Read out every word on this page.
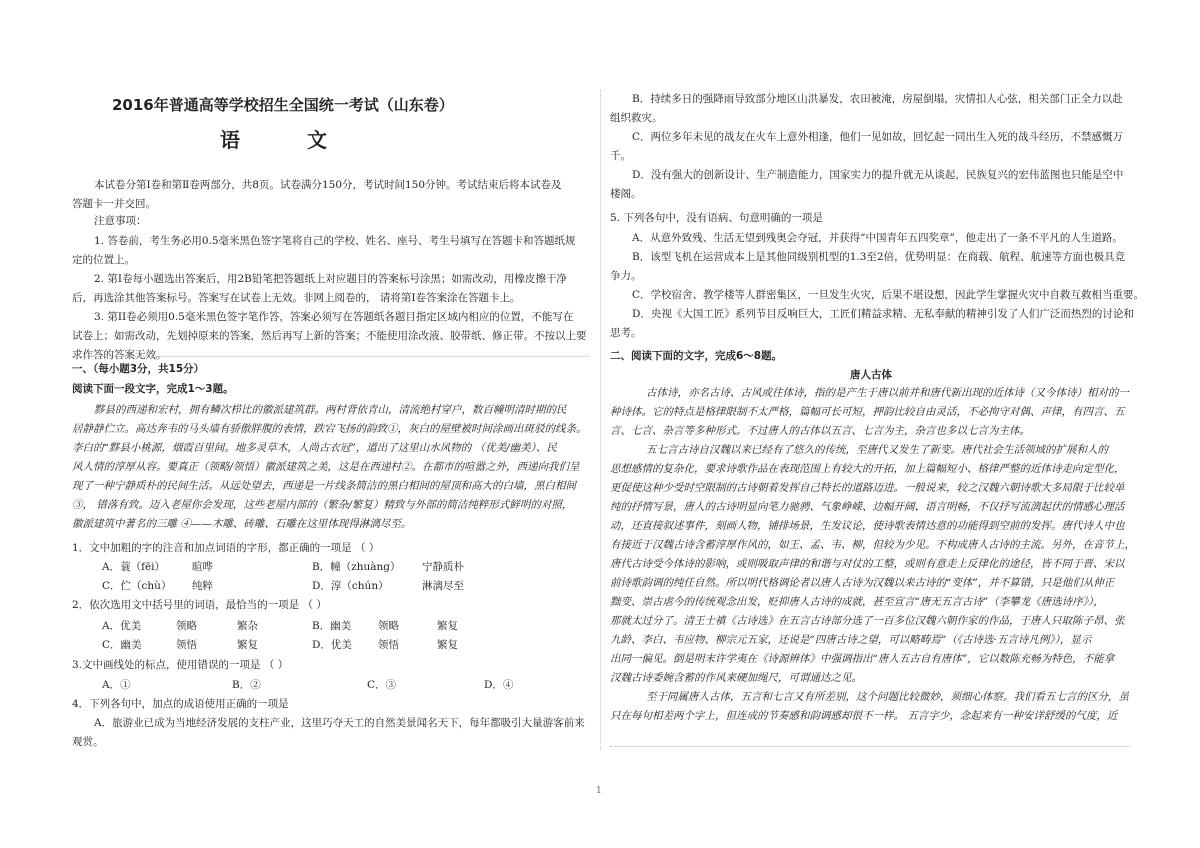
2016年普通高等学校招生全国统一考试（山东卷）
语 文
本试卷分第Ⅰ卷和第Ⅱ卷两部分，共8页。试卷满分150分，考试时间150分钟。考试结束后将本试卷及
答题卡一并交回。
注意事项：
1. 答卷前，考生务必用0.5毫米黑色签字笔将自己的学校、姓名、座号、考生号填写在答题卡和答题纸规
定的位置上。
2. 第Ⅰ卷每小题选出答案后，用2B铅笔把答题纸上对应题目的答案标号涂黑；如需改动，用橡皮擦干净
后，再选涂其他答案标号。答案写在试卷上无效。非网上阅卷的， 请将第Ⅰ卷答案涂在答题卡上。
3. 第II卷必须用0.5毫米黑色签字笔作答，答案必须写在答题纸各题目指定区域内相应的位置，不能写在
试卷上；如需改动，先划掉原来的答案，然后再写上新的答案；不能使用涂改液、胶带纸、修正带。不按以上要
求作答的答案无效。
一、（每小题3分，共15分）
阅读下面一段文字，完成1～3题。
黟县的西递和宏村，拥有鳞次栉比的徽派建筑群。两村背依青山，清流绝村穿户，数百幢明清时期的民
居静静伫立。高达奔韦的马头墙有骄傲胖腹的表情，跌宕飞扬的韵致①，灰白的屋壁被时间涂画出斑驳的线条。
李白的“黟县小桃源，烟霞百里间。地多灵草木，人尚古衣冠”，道出了这里山水风物的 （优美/幽美）、民
风人情的淳厚从容。要真正（领略/领悟）徽派建筑之美，这是在西递村②。在都市的喧嚣之外，西递向我们呈
现了一种宁静质朴的民间生活。从远处望去，西递是一片线条简洁的黑白相间的屋顶和高大的白墙，黑白相间
③， 错落有致。迈入老屋你会发现，这些老屋内部的（繁杂/繁复）精致与外部的简洁纯粹形式鲜明的对照，
徽派建筑中著名的三雕 ④——木雕、砖雕、石雕在这里体现得淋漓尽至。
1．文中加粗的字的注音和加点词语的字形，都正确的一项是 （ ）
A．蓑（fēi）	暄哗	B．幢（zhuàng） 宁静质朴
C．伫（chù） 纯粹	D．淳（chún）	淋漓尽至
2．依次选用文中括号里的词语，最恰当的一项是 （ ）
A．优美	领略	繁杂	B．幽美	领略	繁复
C．幽美	领悟	繁复	D．优美 领悟	繁复
3.文中画线处的标点，使用错误的一项是 （ ）
A．①	B．②	C．③	D．④
4．下列各句中，加点的成语使用正确的一项是
A．旅游业已成为当地经济发展的支柱产业，这里巧夺天工的自然美景闻名天下，每年都吸引大量游客前来
观赏。
B．持续多日的强降雨导致部分地区山洪暴发，农田被淹，房屋倒塌，灾情扣人心弦，相关部门正全力以赴
组织救灾。
C．两位多年未见的战友在火车上意外相逢，他们一见如故，回忆起一同出生入死的战斗经历，不禁感慨万
千。
D．没有强大的创新设计、生产制造能力，国家实力的提升就无从谈起，民族复兴的宏伟蓝图也只能是空中
楼阁。
5. 下列各句中，没有语病、句意明确的一项是
A．从意外致残、生活无望到残奥会夺冠，并获得“中国青年五四奖章”，他走出了一条不平凡的人生道路。
B．该型飞机在运营成本上是其他同级别机型的1.3至2倍，优势明显：在商载、航程、航速等方面也极具竞
争力。
C．学校宿舍、教学楼等人群密集区，一旦发生火灾，后果不堪设想，因此学生掌握火灾中自救互救相当重要。
D．央视《大国工匠》系列节目反响巨大，工匠们精益求精、无私奉献的精神引发了人们广泛而热烈的讨论和
思考。
二、阅读下面的文字，完成6～8题。
唐人古体
古体诗，亦名古诗、古风或往体诗，指的是产生于唐以前并和唐代新出现的近体诗（又今体诗）相对的一
种诗体。它的特点是格律限制不太严格，篇幅可长可短，押韵比较自由灵活，不必拘守对偶、声律，有四言、五
言、七言、杂言等多种形式。不过唐人的古体以五言、七言为主，杂言也多以七言为主体。
五七言古诗自汉魏以来已经有了悠久的传统，至唐代又发生了新变。唐代社会生活领域的扩展和人的
思想感情的复杂化，要求诗歌作品在表现范围上有较大的开拓，加上篇幅短小、格律严整的近体诗走向定型化，
更促使这种少受时空限制的古诗朝着发挥自己特长的道路迈进。一般说来，较之汉魏六朝诗歌大多局限于比较单
纯的抒情写景，唐人的古诗明显向笔力驰骋、气象峥嵘、边幅开阔、语言明畅，不仅抒写流漓起伏的情感心理活
动，还直接叙述事件，刻画人物，铺排场景，生发议论，使诗歌表情达意的功能得到空前的发挥。唐代诗人中也
有接近于汉魏古诗含蓄淳厚作风的，如王、孟、韦、柳，但较为少见。不构成唐人古诗的主流。另外，在音节上，
唐代古诗受今体诗的影响，或则吸取声律的和谐与对仗的工整，或则有意走上反律化的途径，皆不同于晋、宋以
前诗歌韵调的纯任自然。所以明代格调论者以唐人古诗为汉魏以来古诗的“变体”，并不算错，只是他们从伸正
黜变、崇古虐今的传统观念出发，贬抑唐人古诗的成就，甚至宣言“唐无五言古诗”（李攀龙《唐选诗序》），
那就太过分了。清王士禛《古诗选》在五言古诗部分选了一百多位汉魏六朝作家的作品，于唐人只取陈子昂、张
九龄、李白、韦应物、柳宗元五家，还说是“四唐古诗之望，可以略畴焉”（《古诗选·五言诗凡例》），显示
出同一偏见。倒是明末许学夷在《诗源辨体》中强调指出“唐人五古自有唐体”，它以数陈充畅为特色，不能拿
汉魏古诗委婉含蓄的作风来硬加绳尺，可谓通达之见。
至于同属唐人古体，五言和七言又有所差别，这个问题比较微妙，须细心体察。我们看五七言的区分，虽
只在每句相差两个字上，但连成的节奏感和韵调感却很不一样。 五言字少，念起来有一种安详舒缓的气度，近
1
